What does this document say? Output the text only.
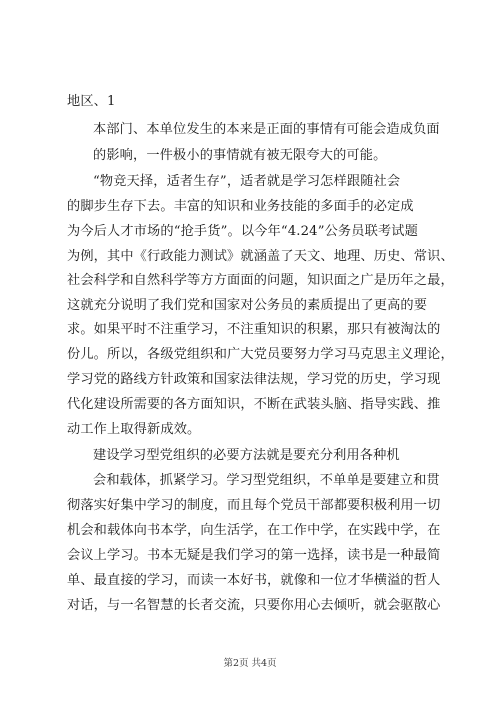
地区、1
本部门、本单位发生的本来是正面的事情有可能会造成负面
的影响，一件极小的事情就有被无限夸大的可能。
“物竞天择，适者生存”，适者就是学习怎样跟随社会
的脚步生存下去。丰富的知识和业务技能的多面手的必定成
为今后人才市场的“抢手货”。以今年“4.24”公务员联考试题
为例，其中《行政能力测试》就涵盖了天文、地理、历史、常识、
社会科学和自然科学等方方面面的问题，知识面之广是历年之最，
这就充分说明了我们党和国家对公务员的素质提出了更高的要
求。如果平时不注重学习，不注重知识的积累，那只有被淘汰的
份儿。所以，各级党组织和广大党员要努力学习马克思主义理论，
学习党的路线方针政策和国家法律法规，学习党的历史，学习现
代化建设所需要的各方面知识，不断在武装头脑、指导实践、推
动工作上取得新成效。
建设学习型党组织的必要方法就是要充分利用各种机
会和载体，抓紧学习。学习型党组织，不单单是要建立和贯
彻落实好集中学习的制度，而且每个党员干部都要积极利用一切
机会和载体向书本学，向生活学，在工作中学，在实践中学，在
会议上学习。书本无疑是我们学习的第一选择，读书是一种最简
单、最直接的学习，而读一本好书，就像和一位才华横溢的哲人
对话，与一名智慧的长者交流，只要你用心去倾听，就会驱散心
第2页 共4页
